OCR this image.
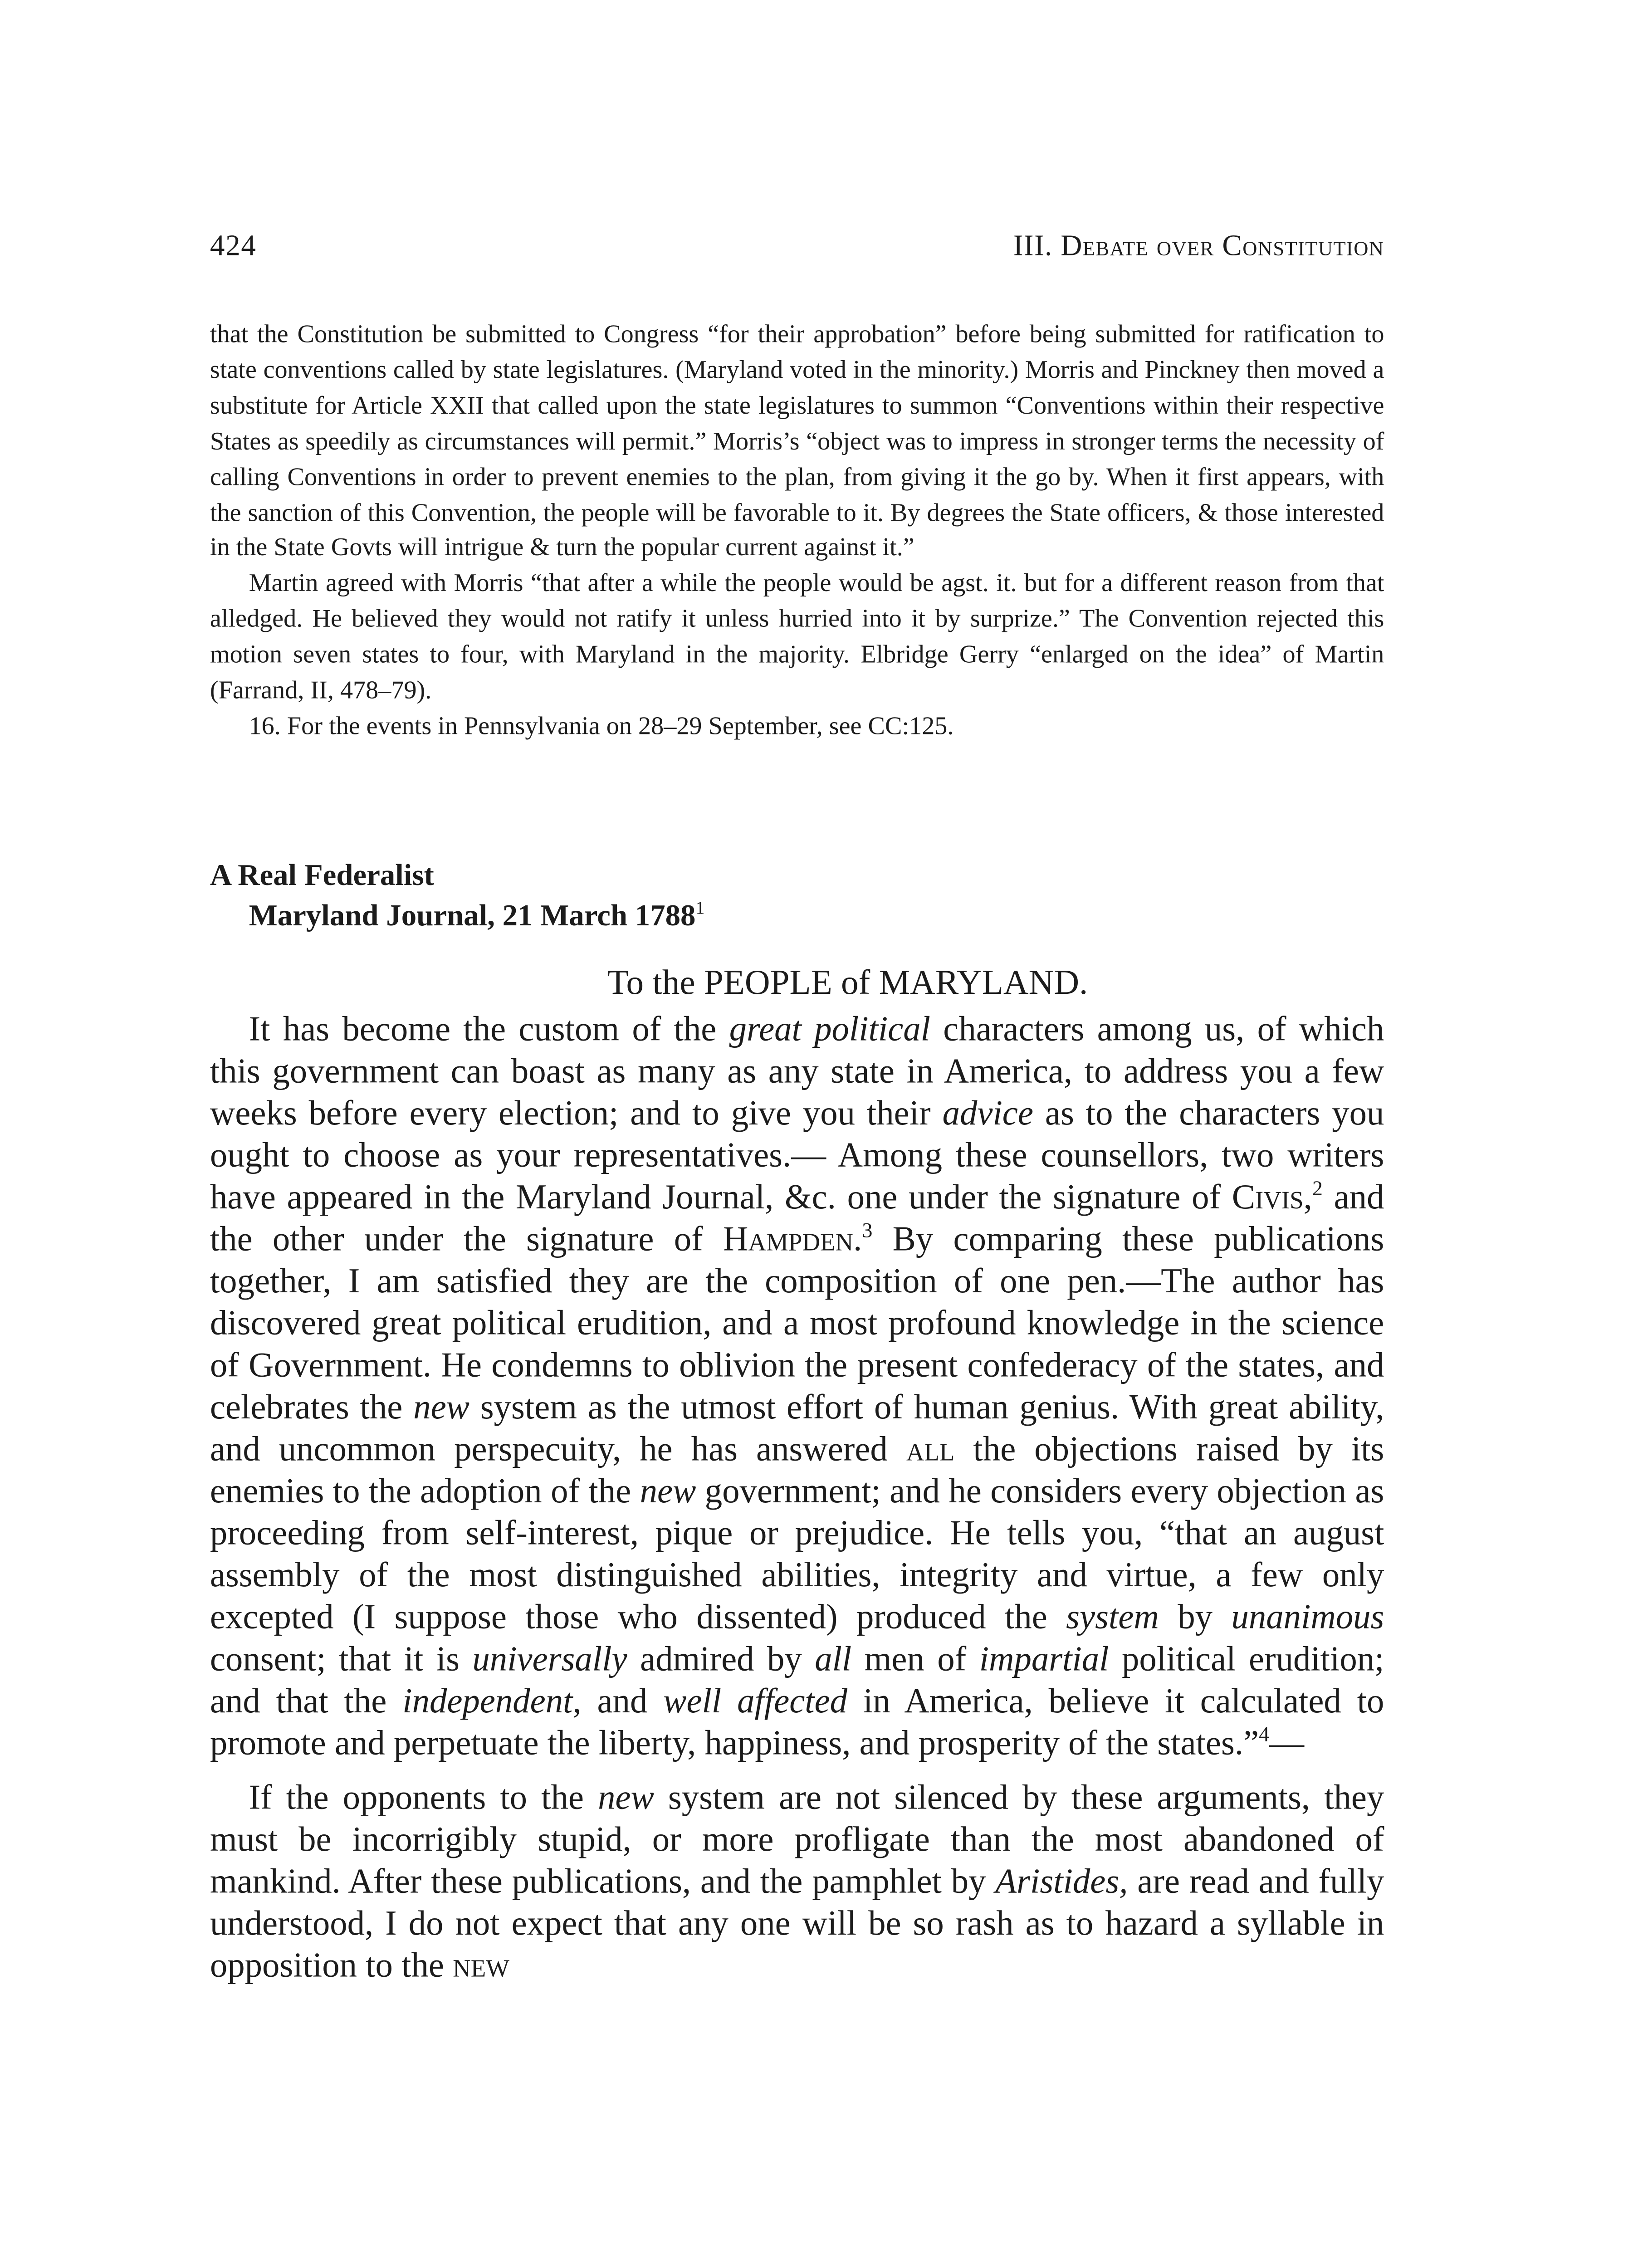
424	III. Debate over Constitution

that the Constitution be submitted to Congress “for their approbation” before being submitted for ratification to state conventions called by state legislatures. (Maryland voted in the minority.) Morris and Pinckney then moved a substitute for Article XXII that called upon the state legislatures to summon “Conventions within their respective States as speedily as circumstances will permit.” Morris’s “object was to impress in stronger terms the necessity of calling Conventions in order to prevent enemies to the plan, from giving it the go by. When it first appears, with the sanction of this Convention, the people will be favorable to it. By degrees the State officers, & those interested in the State Govts will intrigue & turn the popular current against it.”

Martin agreed with Morris “that after a while the people would be agst. it. but for a different reason from that alledged. He believed they would not ratify it unless hurried into it by surprize.” The Convention rejected this motion seven states to four, with Maryland in the majority. Elbridge Gerry “enlarged on the idea” of Martin (Farrand, II, 478–79).

16. For the events in Pennsylvania on 28–29 September, see CC:125.

A Real Federalist
Maryland Journal, 21 March 1788$^1$
To the PEOPLE of MARYLAND.

It has become the custom of the great political characters among us, of which this government can boast as many as any state in America, to address you a few weeks before every election; and to give you their advice as to the characters you ought to choose as your representatives.— Among these counsellors, two writers have appeared in the Maryland Journal, &c. one under the signature of Civis,$^2$ and the other under the signature of Hampden.$^3$ By comparing these publications together, I am satisfied they are the composition of one pen.—The author has discovered great political erudition, and a most profound knowledge in the science of Government. He condemns to oblivion the present confederacy of the states, and celebrates the new system as the utmost effort of human genius. With great ability, and uncommon perspecuity, he has answered all the objections raised by its enemies to the adoption of the new government; and he considers every objection as proceeding from self-interest, pique or prejudice. He tells you, “that an august assembly of the most distinguished abilities, integrity and virtue, a few only excepted (I suppose those who dissented) produced the system by unanimous consent; that it is universally admired by all men of impartial political erudition; and that the independent, and well affected in America, believe it calculated to promote and perpetuate the liberty, happiness, and prosperity of the states.”$^4$—

If the opponents to the new system are not silenced by these arguments, they must be incorrigibly stupid, or more profligate than the most abandoned of mankind. After these publications, and the pamphlet by Aristides, are read and fully understood, I do not expect that any one will be so rash as to hazard a syllable in opposition to the new
